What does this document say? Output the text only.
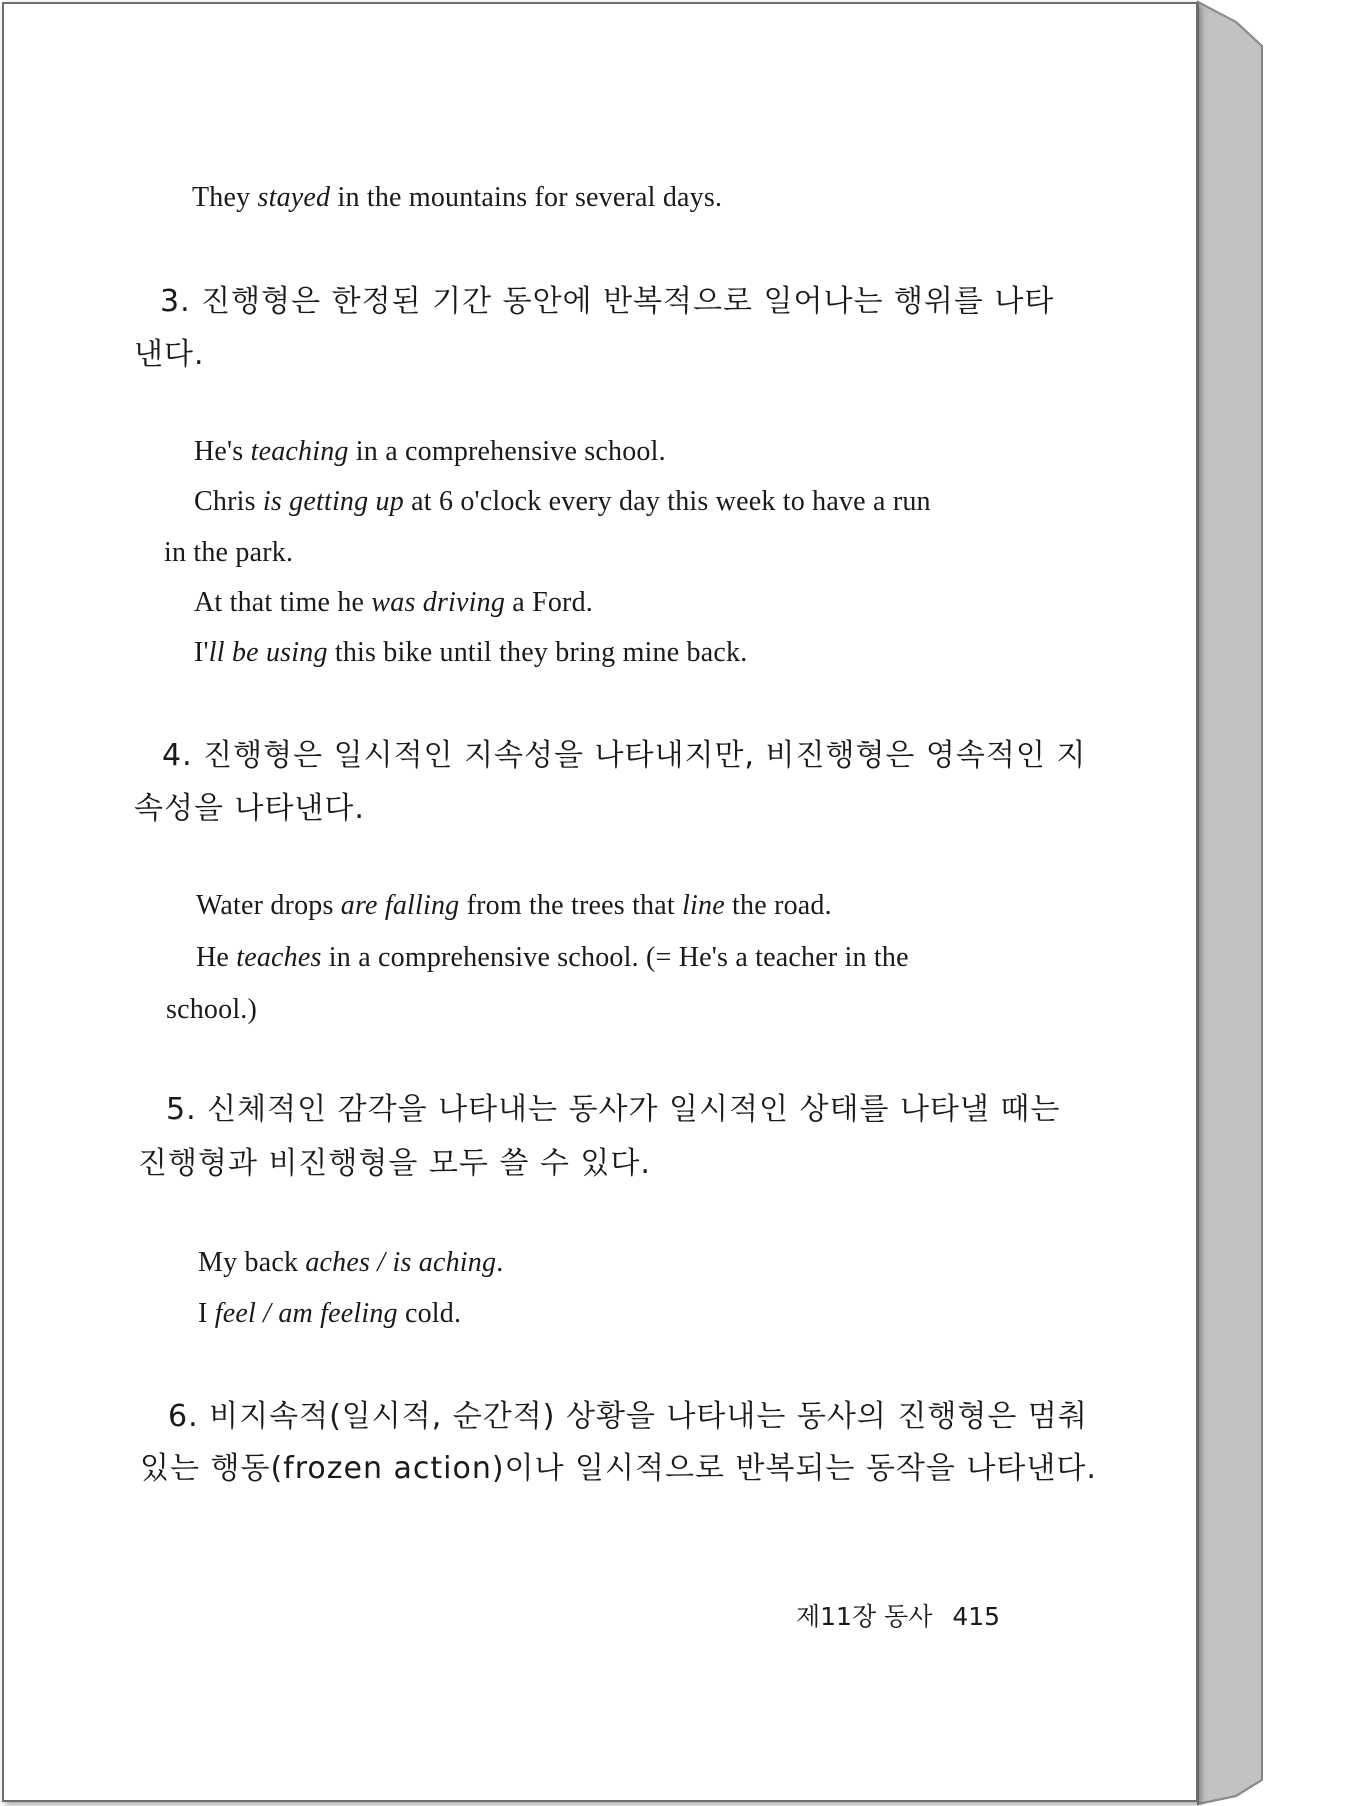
They stayed in the mountains for several days.
3. 진행형은 한정된 기간 동안에 반복적으로 일어나는 행위를 나타
낸다.
He's teaching in a comprehensive school.
Chris is getting up at 6 o'clock every day this week to have a run
in the park.
At that time he was driving a Ford.
I'll be using this bike until they bring mine back.
4. 진행형은 일시적인 지속성을 나타내지만, 비진행형은 영속적인 지
속성을 나타낸다.
Water drops are falling from the trees that line the road.
He teaches in a comprehensive school. (= He's a teacher in the
school.)
5. 신체적인 감각을 나타내는 동사가 일시적인 상태를 나타낼 때는
진행형과 비진행형을 모두 쓸 수 있다.
My back aches / is aching.
I feel / am feeling cold.
6. 비지속적(일시적, 순간적) 상황을 나타내는 동사의 진행형은 멈춰
있는 행동(frozen action)이나 일시적으로 반복되는 동작을 나타낸다.
제11장 동사 415
